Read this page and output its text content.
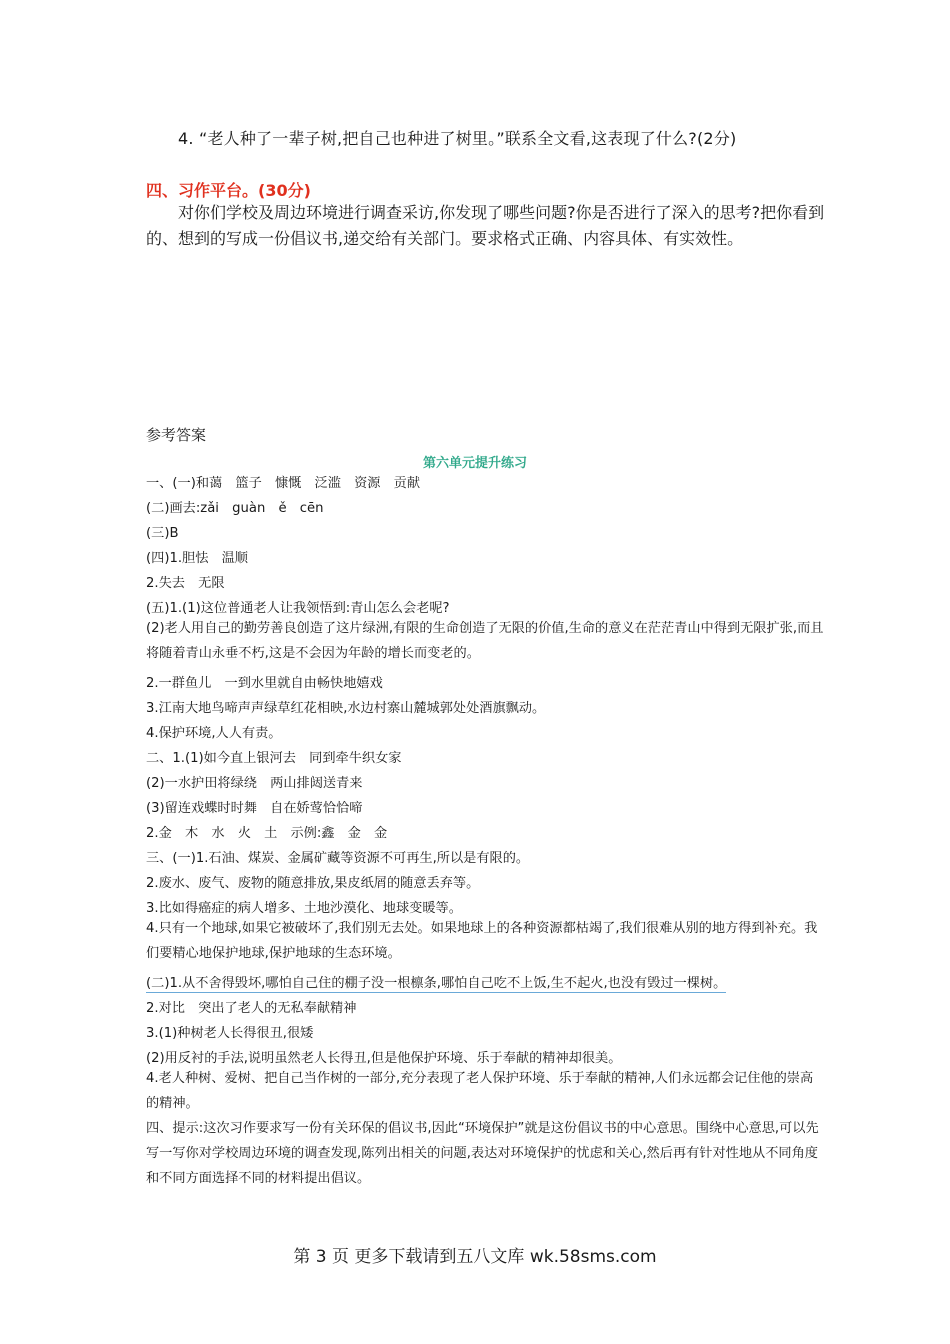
4. “老人种了一辈子树,把自己也种进了树里。”联系全文看,这表现了什么?(2分)
四、习作平台。(30分)

对你们学校及周边环境进行调查采访,你发现了哪些问题?你是否进行了深入的思考?把你看到的、想到的写成一份倡议书,递交给有关部门。要求格式正确、内容具体、有实效性。

参考答案
第六单元提升练习
一、(一)和蔼　篮子　慷慨　泛滥　资源　贡献
(二)画去:zǎi　guàn　ě　cēn
(三)B
(四)1.胆怯　温顺
2.失去　无限
(五)1.(1)这位普通老人让我领悟到:青山怎么会老呢?
(2)老人用自己的勤劳善良创造了这片绿洲,有限的生命创造了无限的价值,生命的意义在茫茫青山中得到无限扩张,而且将随着青山永垂不朽,这是不会因为年龄的增长而变老的。
2.一群鱼儿　一到水里就自由畅快地嬉戏
3.江南大地鸟啼声声绿草红花相映,水边村寨山麓城郭处处酒旗飘动。
4.保护环境,人人有责。
二、1.(1)如今直上银河去　同到牵牛织女家
(2)一水护田将绿绕　两山排闼送青来
(3)留连戏蝶时时舞　自在娇莺恰恰啼
2.金　木　水　火　土　示例:鑫　金　金
三、(一)1.石油、煤炭、金属矿藏等资源不可再生,所以是有限的。
2.废水、废气、废物的随意排放,果皮纸屑的随意丢弃等。
3.比如得癌症的病人增多、土地沙漠化、地球变暖等。
4.只有一个地球,如果它被破坏了,我们别无去处。如果地球上的各种资源都枯竭了,我们很难从别的地方得到补充。我们要精心地保护地球,保护地球的生态环境。
(二)1.从不舍得毁坏,哪怕自己住的棚子没一根檩条,哪怕自己吃不上饭,生不起火,也没有毁过一棵树。
2.对比　突出了老人的无私奉献精神
3.(1)种树老人长得很丑,很矮
(2)用反衬的手法,说明虽然老人长得丑,但是他保护环境、乐于奉献的精神却很美。
4.老人种树、爱树、把自己当作树的一部分,充分表现了老人保护环境、乐于奉献的精神,人们永远都会记住他的崇高的精神。
四、提示:这次习作要求写一份有关环保的倡议书,因此“环境保护”就是这份倡议书的中心意思。围绕中心意思,可以先写一写你对学校周边环境的调查发现,陈列出相关的问题,表达对环境保护的忧虑和关心,然后再有针对性地从不同角度和不同方面选择不同的材料提出倡议。
第 3 页 更多下载请到五八文库 wk.58sms.com
